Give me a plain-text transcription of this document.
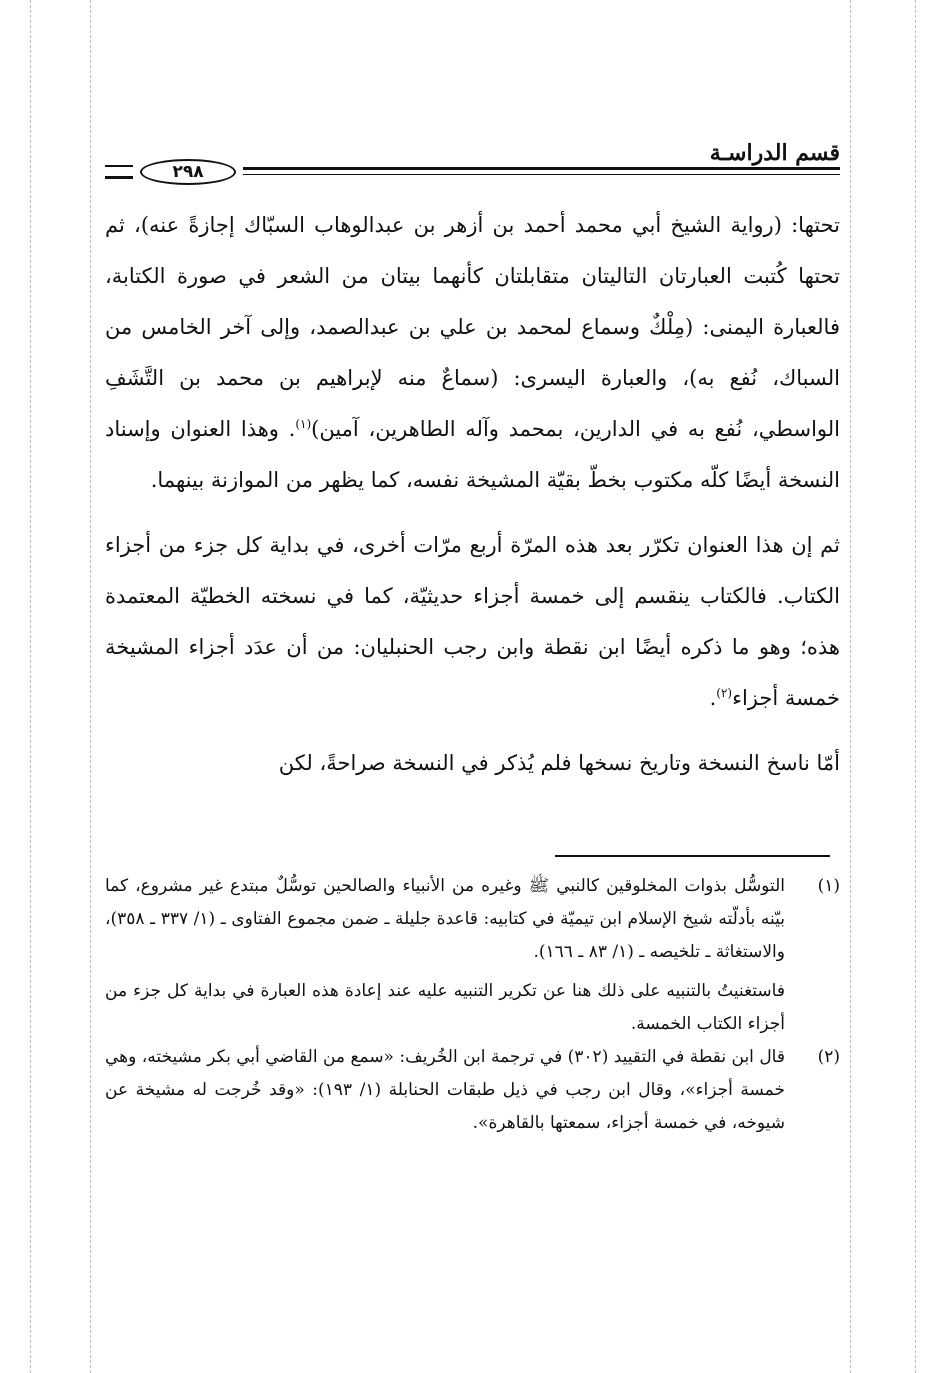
قسم الدراسـة
٢٩٨

تحتها: (رواية الشيخ أبي محمد أحمد بن أزهر بن عبدالوهاب السبّاك إجازةً عنه)، ثم تحتها كُتبت العبارتان التاليتان متقابلتان كأنهما بيتان من الشعر في صورة الكتابة، فالعبارة اليمنى: (مِلْكٌ وسماع لمحمد بن علي بن عبدالصمد، وإلى آخر الخامس من السباك، نُفع به)، والعبارة اليسرى: (سماعٌ منه لإبراهيم بن محمد بن التَّشَفِ الواسطي، نُفع به في الدارين، بمحمد وآله الطاهرين، آمين)$^{(١)}$. وهذا العنوان وإسناد النسخة أيضًا كلّه مكتوب بخطّ بقيّة المشيخة نفسه، كما يظهر من الموازنة بينهما.

ثم إن هذا العنوان تكرّر بعد هذه المرّة أربع مرّات أخرى، في بداية كل جزء من أجزاء الكتاب. فالكتاب ينقسم إلى خمسة أجزاء حديثيّة، كما في نسخته الخطيّة المعتمدة هذه؛ وهو ما ذكره أيضًا ابن نقطة وابن رجب الحنبليان: من أن عدَد أجزاء المشيخة خمسة أجزاء$^{(٢)}$.

أمّا ناسخ النسخة وتاريخ نسخها فلم يُذكر في النسخة صراحةً، لكن

(١)
التوسُّل بذوات المخلوقين كالنبي ﷺ وغيره من الأنبياء والصالحين توسُّلٌ مبتدع غير مشروع، كما بيّنه بأدلّته شيخ الإسلام ابن تيميّة في كتابيه: قاعدة جليلة ـ ضمن مجموع الفتاوى ـ (١/ ٣٣٧ ـ ٣٥٨)، والاستغاثة ـ تلخيصه ـ (١/ ٨٣ ـ ١٦٦).
فاستغنيتُ بالتنبيه على ذلك هنا عن تكرير التنبيه عليه عند إعادة هذه العبارة في بداية كل جزء من أجزاء الكتاب الخمسة.
(٢)
قال ابن نقطة في التقييد (٣٠٢) في ترجمة ابن الخُريف: «سمع من القاضي أبي بكر مشيخته، وهي خمسة أجزاء»، وقال ابن رجب في ذيل طبقات الحنابلة (١/ ١٩٣): «وقد خُرجت له مشيخة عن شيوخه، في خمسة أجزاء، سمعتها بالقاهرة».
